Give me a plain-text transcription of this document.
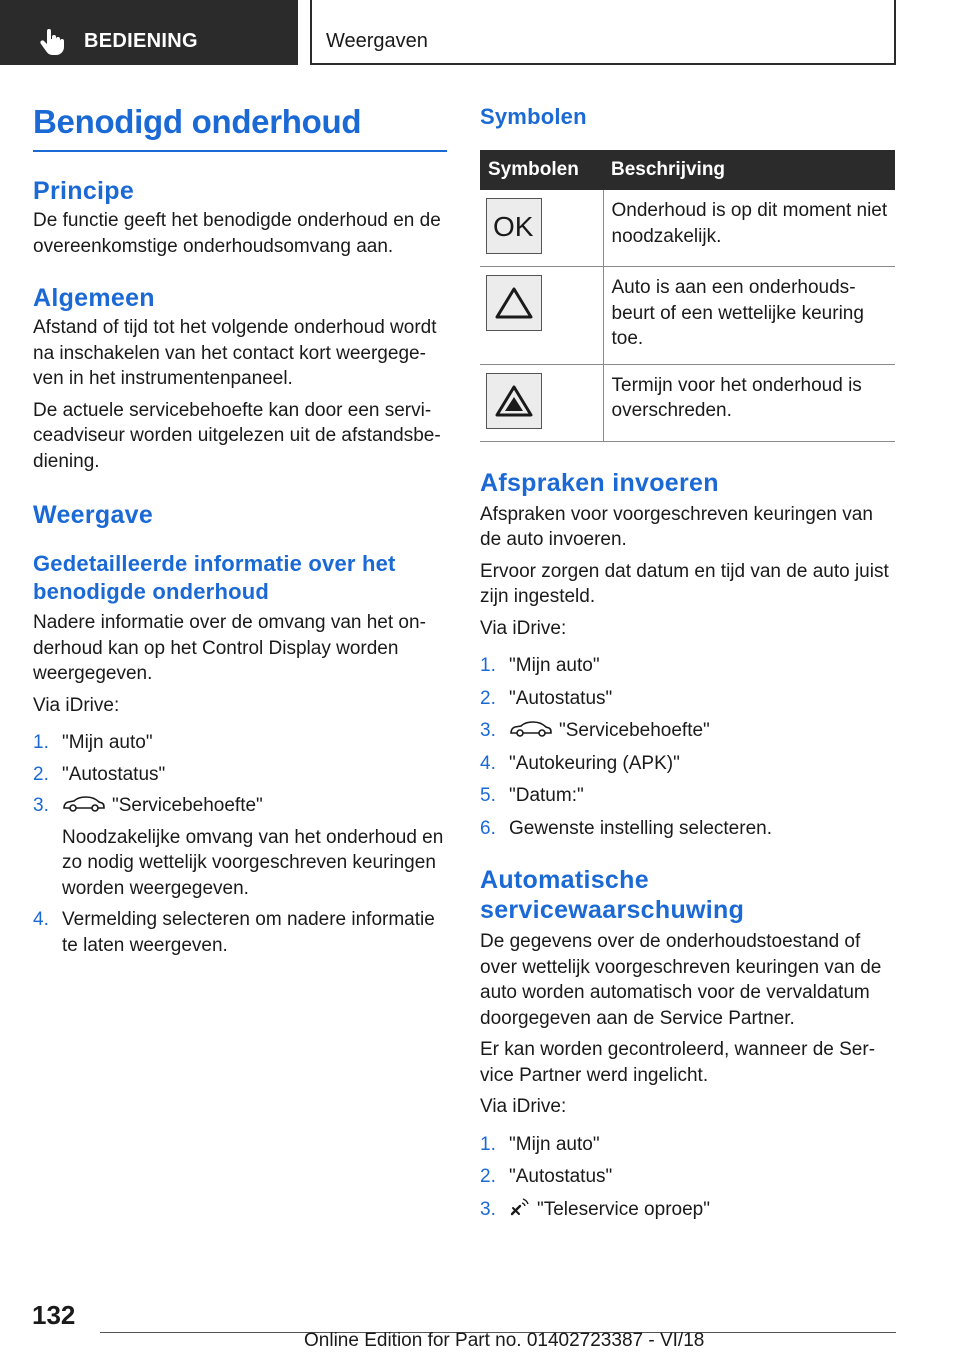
BEDIENING	Weergaven
Benodigd onderhoud
Principe

De functie geeft het benodigde onderhoud en de overeenkomstige onderhoudsomvang aan.

Algemeen

Afstand of tijd tot het volgende onderhoud wordt na inschakelen van het contact kort weergegeven in het instrumentenpaneel.

De actuele servicebehoefte kan door een serviceadviseur worden uitgelezen uit de afstandsbediening.

Weergave
Gedetailleerde informatie over het benodigde onderhoud

Nadere informatie over de omvang van het onderhoud kan op het Control Display worden weergegeven.

Via iDrive:

1. "Mijn auto"
2. "Autostatus"
3.	"Servicebehoefte"

Noodzakelijke omvang van het onderhoud en zo nodig wettelijk voorgeschreven keuringen worden weergegeven.

4. Vermelding selecteren om nadere informatie te laten weergeven.
Symbolen
Symbolen	Beschrijving

OK	Onderhoud is op dit moment niet noodzakelijk.

	Auto is aan een onderhoudsbeurt of een wettelijke keuring toe.

	Termijn voor het onderhoud is overschreden.
Afspraken invoeren

Afspraken voor voorgeschreven keuringen van de auto invoeren.

Ervoor zorgen dat datum en tijd van de auto juist zijn ingesteld.

Via iDrive:

1. "Mijn auto"
2. "Autostatus"
3.	"Servicebehoefte"
4. "Autokeuring (APK)"
5. "Datum:"
6. Gewenste instelling selecteren.
Automatische
servicewaarschuwing

De gegevens over de onderhoudstoestand of over wettelijk voorgeschreven keuringen van de auto worden automatisch voor de vervaldatum doorgegeven aan de Service Partner.

Er kan worden gecontroleerd, wanneer de Service Partner werd ingelicht.

Via iDrive:

1. "Mijn auto"
2. "Autostatus"
3. "Teleservice oproep"
132
Online Edition for Part no. 01402723387 - VI/18
